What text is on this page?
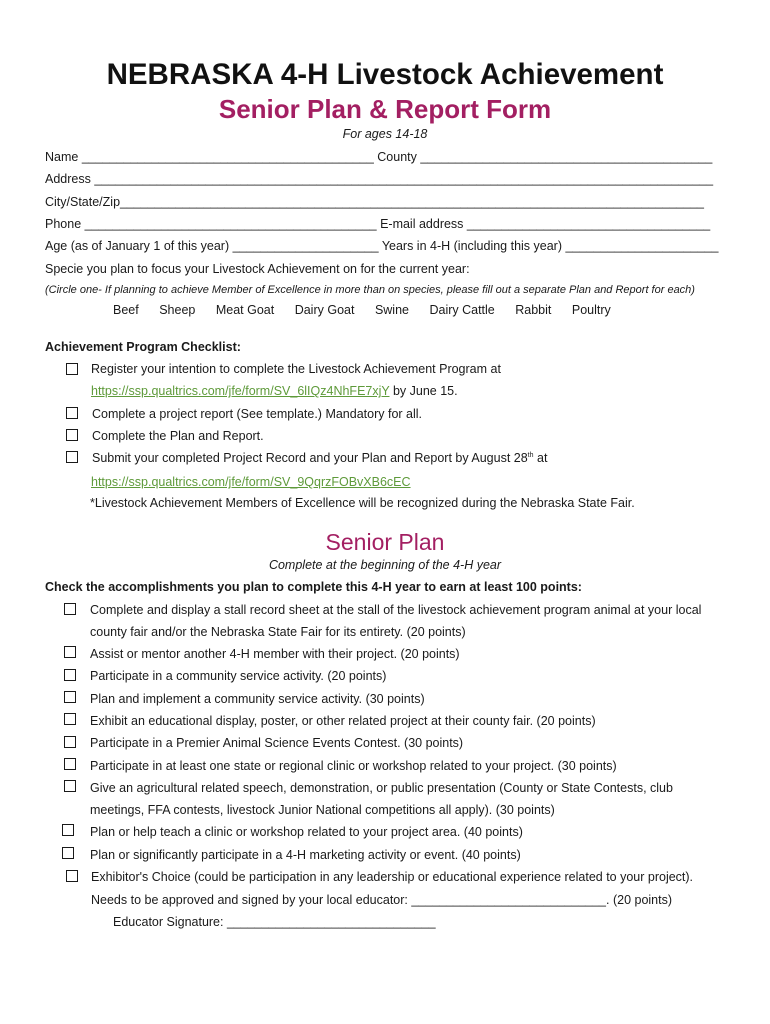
NEBRASKA 4-H Livestock Achievement
Senior Plan & Report Form
For ages 14-18
Name __________________________________________ County __________________________________________
Address _________________________________________________________________________________________
City/State/Zip____________________________________________________________________________________
Phone __________________________________________ E-mail address ___________________________________
Age (as of January 1 of this year) _____________________ Years in 4-H (including this year) ______________________
Specie you plan to focus your Livestock Achievement on for the current year:
(Circle one- If planning to achieve Member of Excellence in more than on species, please fill out a separate Plan and Report for each)
Beef Sheep Meat Goat Dairy Goat Swine Dairy Cattle Rabbit Poultry
Achievement Program Checklist:
Register your intention to complete the Livestock Achievement Program at
https://ssp.qualtrics.com/jfe/form/SV_6lIQz4NhFE7xjY by June 15.
Complete a project report (See template.) Mandatory for all.
Complete the Plan and Report.
Submit your completed Project Record and your Plan and Report by August 28th at
https://ssp.qualtrics.com/jfe/form/SV_9QqrzFOBvXB6cEC
*Livestock Achievement Members of Excellence will be recognized during the Nebraska State Fair.
Senior Plan
Complete at the beginning of the 4-H year
Check the accomplishments you plan to complete this 4-H year to earn at least 100 points:
Complete and display a stall record sheet at the stall of the livestock achievement program animal at your local
county fair and/or the Nebraska State Fair for its entirety. (20 points)
Assist or mentor another 4-H member with their project. (20 points)
Participate in a community service activity. (20 points)
Plan and implement a community service activity. (30 points)
Exhibit an educational display, poster, or other related project at their county fair. (20 points)
Participate in a Premier Animal Science Events Contest. (30 points)
Participate in at least one state or regional clinic or workshop related to your project. (30 points)
Give an agricultural related speech, demonstration, or public presentation (County or State Contests, club
meetings, FFA contests, livestock Junior National competitions all apply). (30 points)
Plan or help teach a clinic or workshop related to your project area. (40 points)
Plan or significantly participate in a 4-H marketing activity or event. (40 points)
Exhibitor's Choice (could be participation in any leadership or educational experience related to your project).
Needs to be approved and signed by your local educator: ____________________________. (20 points)
Educator Signature: ______________________________
